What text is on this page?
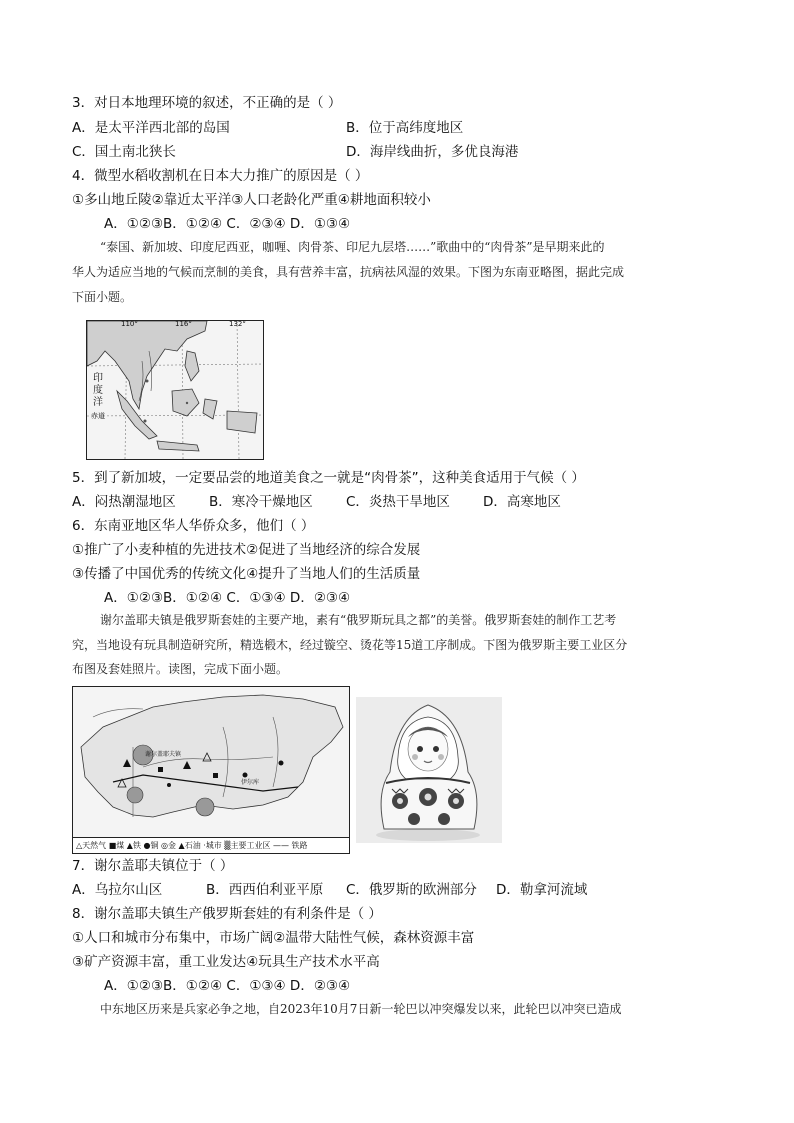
3．对日本地理环境的叙述，不正确的是（ ）
A．是太平洋西北部的岛国	B．位于高纬度地区
C．国土南北狭长	D．海岸线曲折，多优良海港
4．微型水稻收割机在日本大力推广的原因是（ ）
①多山地丘陵②靠近太平洋③人口老龄化严重④耕地面积较小
A．①②③B．①②④ C．②③④ D．①③④
“泰国、新加坡、印度尼西亚，咖喱、肉骨茶、印尼九层塔……”歌曲中的“肉骨茶”是早期来此的
华人为适应当地的气候而烹制的美食，具有营养丰富，抗病祛风湿的效果。下图为东南亚略图，据此完成
下面小题。
110°	116°	132°
印
度
洋
赤道
5．到了新加坡，一定要品尝的地道美食之一就是“肉骨茶”，这种美食适用于气候（ ）
A．闷热潮湿地区 B．寒冷干燥地区 C．炎热干旱地区 D．高寒地区
6．东南亚地区华人华侨众多，他们（ ）
①推广了小麦种植的先进技术②促进了当地经济的综合发展
③传播了中国优秀的传统文化④提升了当地人们的生活质量
A．①②③B．①②④ C．①③④ D．②③④
谢尔盖耶夫镇是俄罗斯套娃的主要产地，素有“俄罗斯玩具之都”的美誉。俄罗斯套娃的制作工艺考
究，当地设有玩具制造研究所，精选椴木，经过镟空、烫花等15道工序制成。下图为俄罗斯主要工业区分
布图及套娃照片。读图，完成下面小题。
谢尔盖耶夫镇
伊尔库
△天然气 ■煤 ▲铁 ●铜 ◎金 ▲石油 ·城市 ▒主要工业区 —— 铁路
7．谢尔盖耶夫镇位于（ ）
A．乌拉尔山区	B．西西伯利亚平原 C．俄罗斯的欧洲部分 D．勒拿河流域
8．谢尔盖耶夫镇生产俄罗斯套娃的有利条件是（ ）
①人口和城市分布集中，市场广阔②温带大陆性气候，森林资源丰富
③矿产资源丰富，重工业发达④玩具生产技术水平高
A．①②③B．①②④ C．①③④ D．②③④
中东地区历来是兵家必争之地，自2023年10月7日新一轮巴以冲突爆发以来，此轮巴以冲突已造成
